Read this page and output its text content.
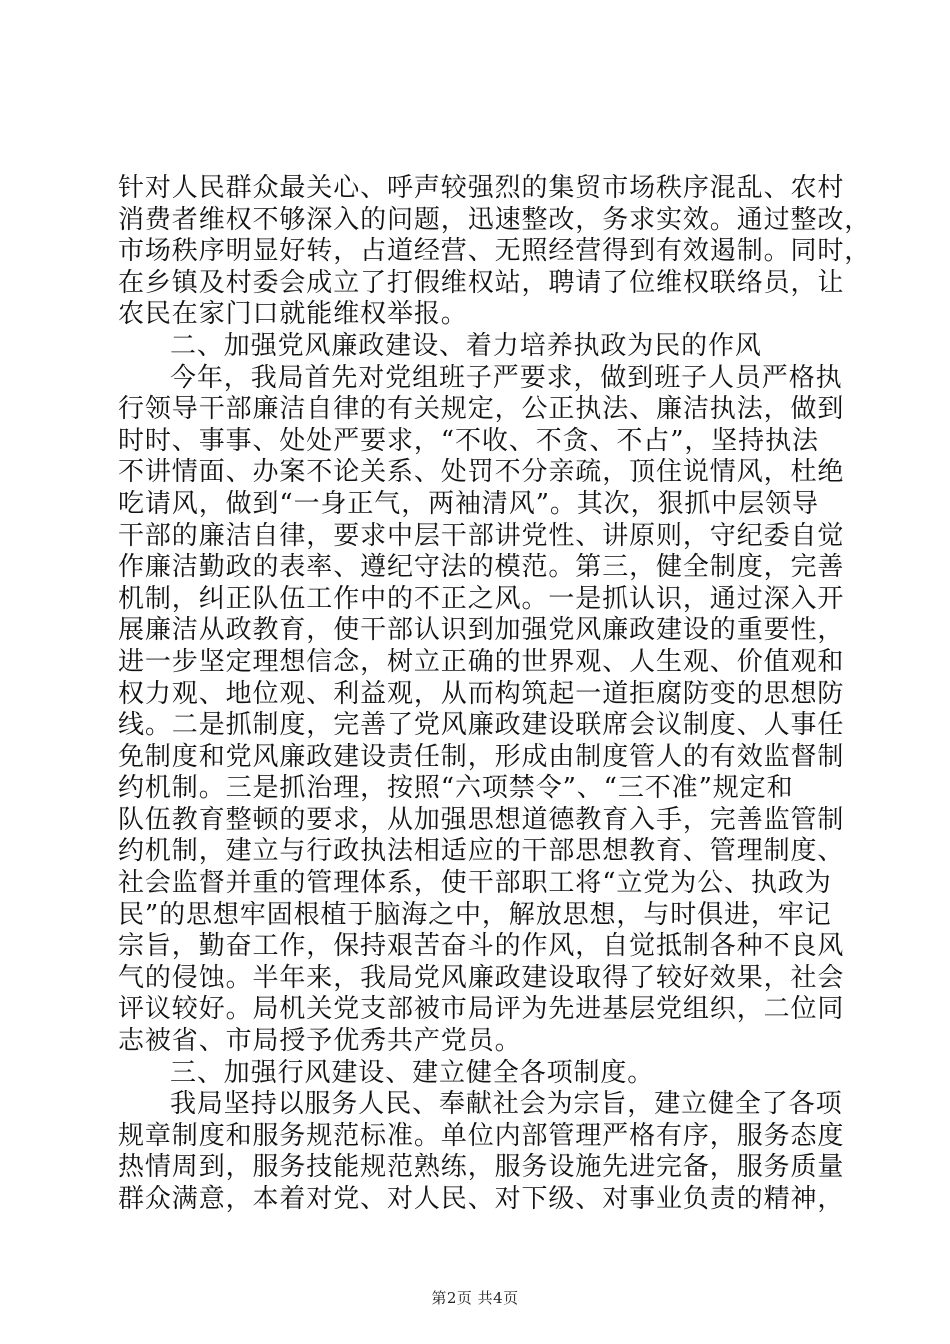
针对人民群众最关心、呼声较强烈的集贸市场秩序混乱、农村
消费者维权不够深入的问题，迅速整改，务求实效。通过整改，
市场秩序明显好转，占道经营、无照经营得到有效遏制。同时，
在乡镇及村委会成立了打假维权站，聘请了位维权联络员，让
农民在家门口就能维权举报。
二、加强党风廉政建设、着力培养执政为民的作风
今年，我局首先对党组班子严要求，做到班子人员严格执
行领导干部廉洁自律的有关规定，公正执法、廉洁执法，做到
时时、事事、处处严要求，“不收、不贪、不占”，坚持执法
不讲情面、办案不论关系、处罚不分亲疏，顶住说情风，杜绝
吃请风，做到“一身正气，两袖清风”。其次，狠抓中层领导
干部的廉洁自律，要求中层干部讲党性、讲原则，守纪委自觉
作廉洁勤政的表率、遵纪守法的模范。第三，健全制度，完善
机制，纠正队伍工作中的不正之风。一是抓认识，通过深入开
展廉洁从政教育，使干部认识到加强党风廉政建设的重要性，
进一步坚定理想信念，树立正确的世界观、人生观、价值观和
权力观、地位观、利益观，从而构筑起一道拒腐防变的思想防
线。二是抓制度，完善了党风廉政建设联席会议制度、人事任
免制度和党风廉政建设责任制，形成由制度管人的有效监督制
约机制。三是抓治理，按照“六项禁令”、“三不准”规定和
队伍教育整顿的要求，从加强思想道德教育入手，完善监管制
约机制，建立与行政执法相适应的干部思想教育、管理制度、
社会监督并重的管理体系，使干部职工将“立党为公、执政为
民”的思想牢固根植于脑海之中，解放思想，与时俱进，牢记
宗旨，勤奋工作，保持艰苦奋斗的作风，自觉抵制各种不良风
气的侵蚀。半年来，我局党风廉政建设取得了较好效果，社会
评议较好。局机关党支部被市局评为先进基层党组织，二位同
志被省、市局授予优秀共产党员。
三、加强行风建设、建立健全各项制度。
我局坚持以服务人民、奉献社会为宗旨，建立健全了各项
规章制度和服务规范标准。单位内部管理严格有序，服务态度
热情周到，服务技能规范熟练，服务设施先进完备，服务质量
群众满意，本着对党、对人民、对下级、对事业负责的精神，
第2页 共4页
